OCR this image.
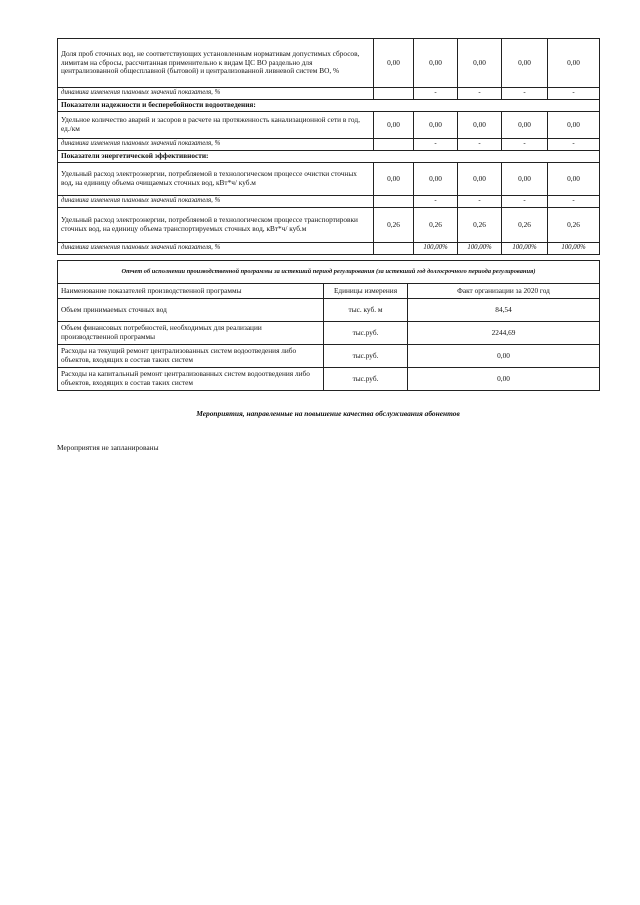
Доля проб сточных вод, не соответствующих установленным нормативам допустимых сбросов, лимитам на сбросы, рассчитанная применительно к видам ЦС ВО раздельно для централизованной общесплавной (бытовой) и централизованной ливневой систем ВО, %	0,00	0,00	0,00	0,00	0,00
динамика изменения плановых значений показателя, %		-	-	-	-
Показатели надежности и бесперебойности водоотведения:					
Удельное количество аварий и засоров в расчете на протяженность канализационной сети в год, ед./км	0,00	0,00	0,00	0,00	0,00
динамика изменения плановых значений показателя, %		-	-	-	-
Показатели энергетической эффективности:					
Удельный расход электроэнергии, потребляемой в технологическом процессе очистки сточных вод, на единицу объема очищаемых сточных вод, кВт*ч/ куб.м	0,00	0,00	0,00	0,00	0,00
динамика изменения плановых значений показателя, %		-	-	-	-
Удельный расход электроэнергии, потребляемой в технологическом процессе транспортировки сточных вод, на единицу объема транспортируемых сточных вод, кВт*ч/ куб.м	0,26	0,26	0,26	0,26	0,26
динамика изменения плановых значений показателя, %		100,00%	100,00%	100,00%	100,00%
Отчет об исполнении производственной программы за истекший период регулирования (за истекший год долгосрочного периода регулирования)		
Наименование показателей производственной программы	Единицы измерения	Факт организации за 2020 год
Объем принимаемых сточных вод	тыс. куб. м	84,54
Объем финансовых потребностей, необходимых для реализации производственной программы	тыс.руб.	2244,69
Расходы на текущий ремонт централизованных систем водоотведения либо объектов, входящих в состав таких систем	тыс.руб.	0,00
Расходы на капитальный ремонт централизованных систем водоотведения либо объектов, входящих в состав таких систем	тыс.руб.	0,00
Мероприятия, направленные на повышение качества обслуживания абонентов
Мероприятия не запланированы
